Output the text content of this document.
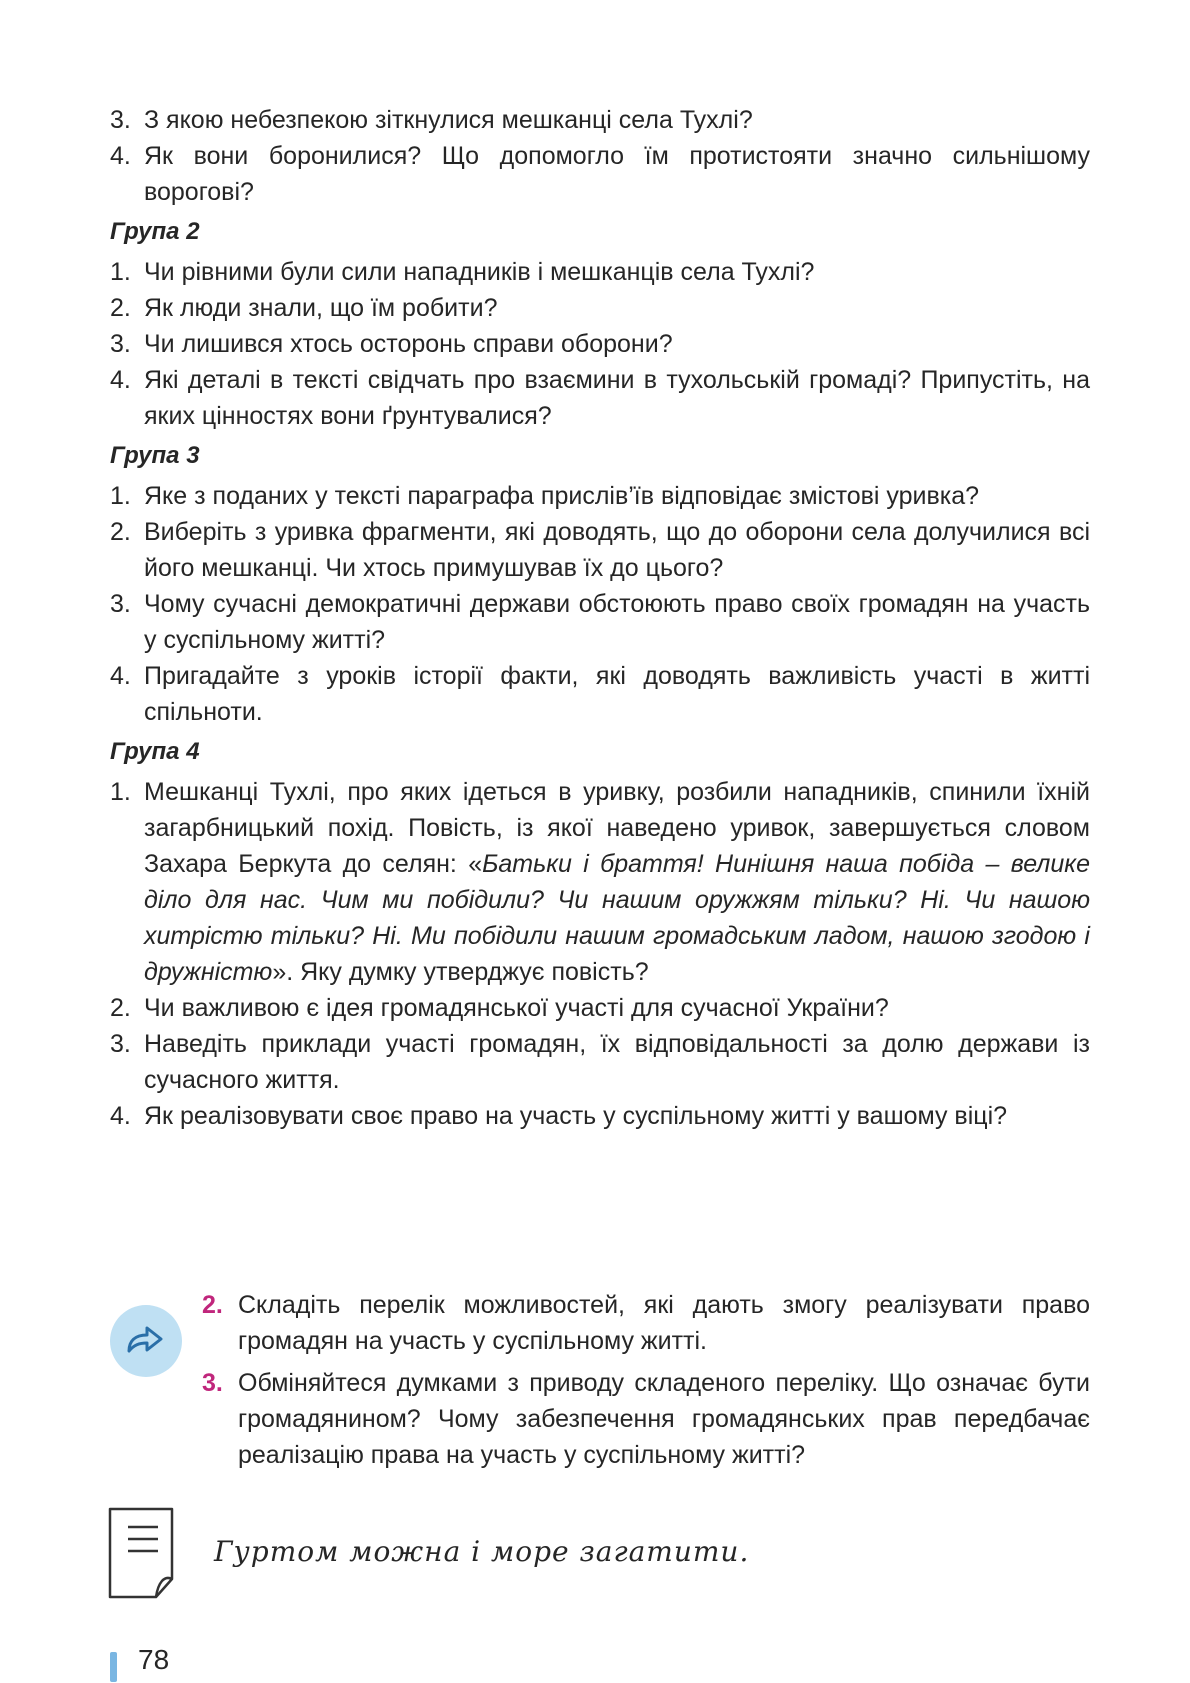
3. З якою небезпекою зіткнулися мешканці села Тухлі?

4. Як вони боронилися? Що допомогло їм протистояти значно сильнішому ворогові?

Група 2

1. Чи рівними були сили нападників і мешканців села Тухлі?

2. Як люди знали, що їм робити?

3. Чи лишився хтось осторонь справи оборони?

4. Які деталі в тексті свідчать про взаємини в тухольській громаді? Припустіть, на яких цінностях вони ґрунтувалися?

Група 3

1. Яке з поданих у тексті параграфа прислів’їв відповідає змістові уривка?

2. Виберіть з уривка фрагменти, які доводять, що до оборони села долучилися всі його мешканці. Чи хтось примушував їх до цього?

3. Чому сучасні демократичні держави обстоюють право своїх громадян на участь у суспільному житті?

4. Пригадайте з уроків історії факти, які доводять важливість участі в житті спільноти.

Група 4

1. Мешканці Тухлі, про яких ідеться в уривку, розбили нападників, спинили їхній загарбницький похід. Повість, із якої наведено уривок, завершується словом Захара Беркута до селян: «Батьки і браття! Нинішня наша побіда – велике діло для нас. Чим ми побідили? Чи нашим оружжям тільки? Ні. Чи нашою хитрістю тільки? Ні. Ми побідили нашим громадським ладом, нашою згодою і дружністю». Яку думку утверджує повість?

2. Чи важливою є ідея громадянської участі для сучасної України?

3. Наведіть приклади участі громадян, їх відповідальності за долю держави із сучасного життя.

4. Як реалізовувати своє право на участь у суспільному житті у вашому віці?

2. Складіть перелік можливостей, які дають змогу реалізувати право громадян на участь у суспільному житті.

3. Обміняйтеся думками з приводу складеного переліку. Що означає бути громадянином? Чому забезпечення громадянських прав передбачає реалізацію права на участь у суспільному житті?

Гуртом можна і море загатити.
78
